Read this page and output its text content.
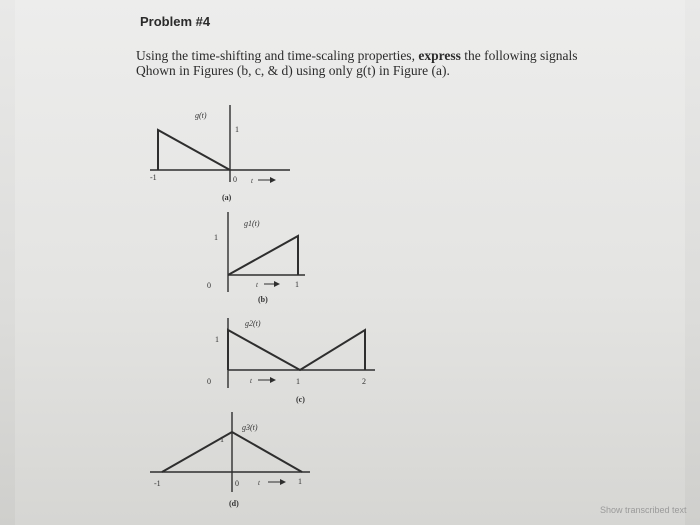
Problem #4
Using the time-shifting and time-scaling properties, express the following signals
Qhown in Figures (b, c, & d) using only g(t) in Figure (a).
g(t)
1
-1	0 t
(a)
g1(t)
1
0	t	1
(b)
g2(t)
1
0	t	1	2
(c)
g3(t)
1
-1	0	t	1
(d)
Show transcribed text
